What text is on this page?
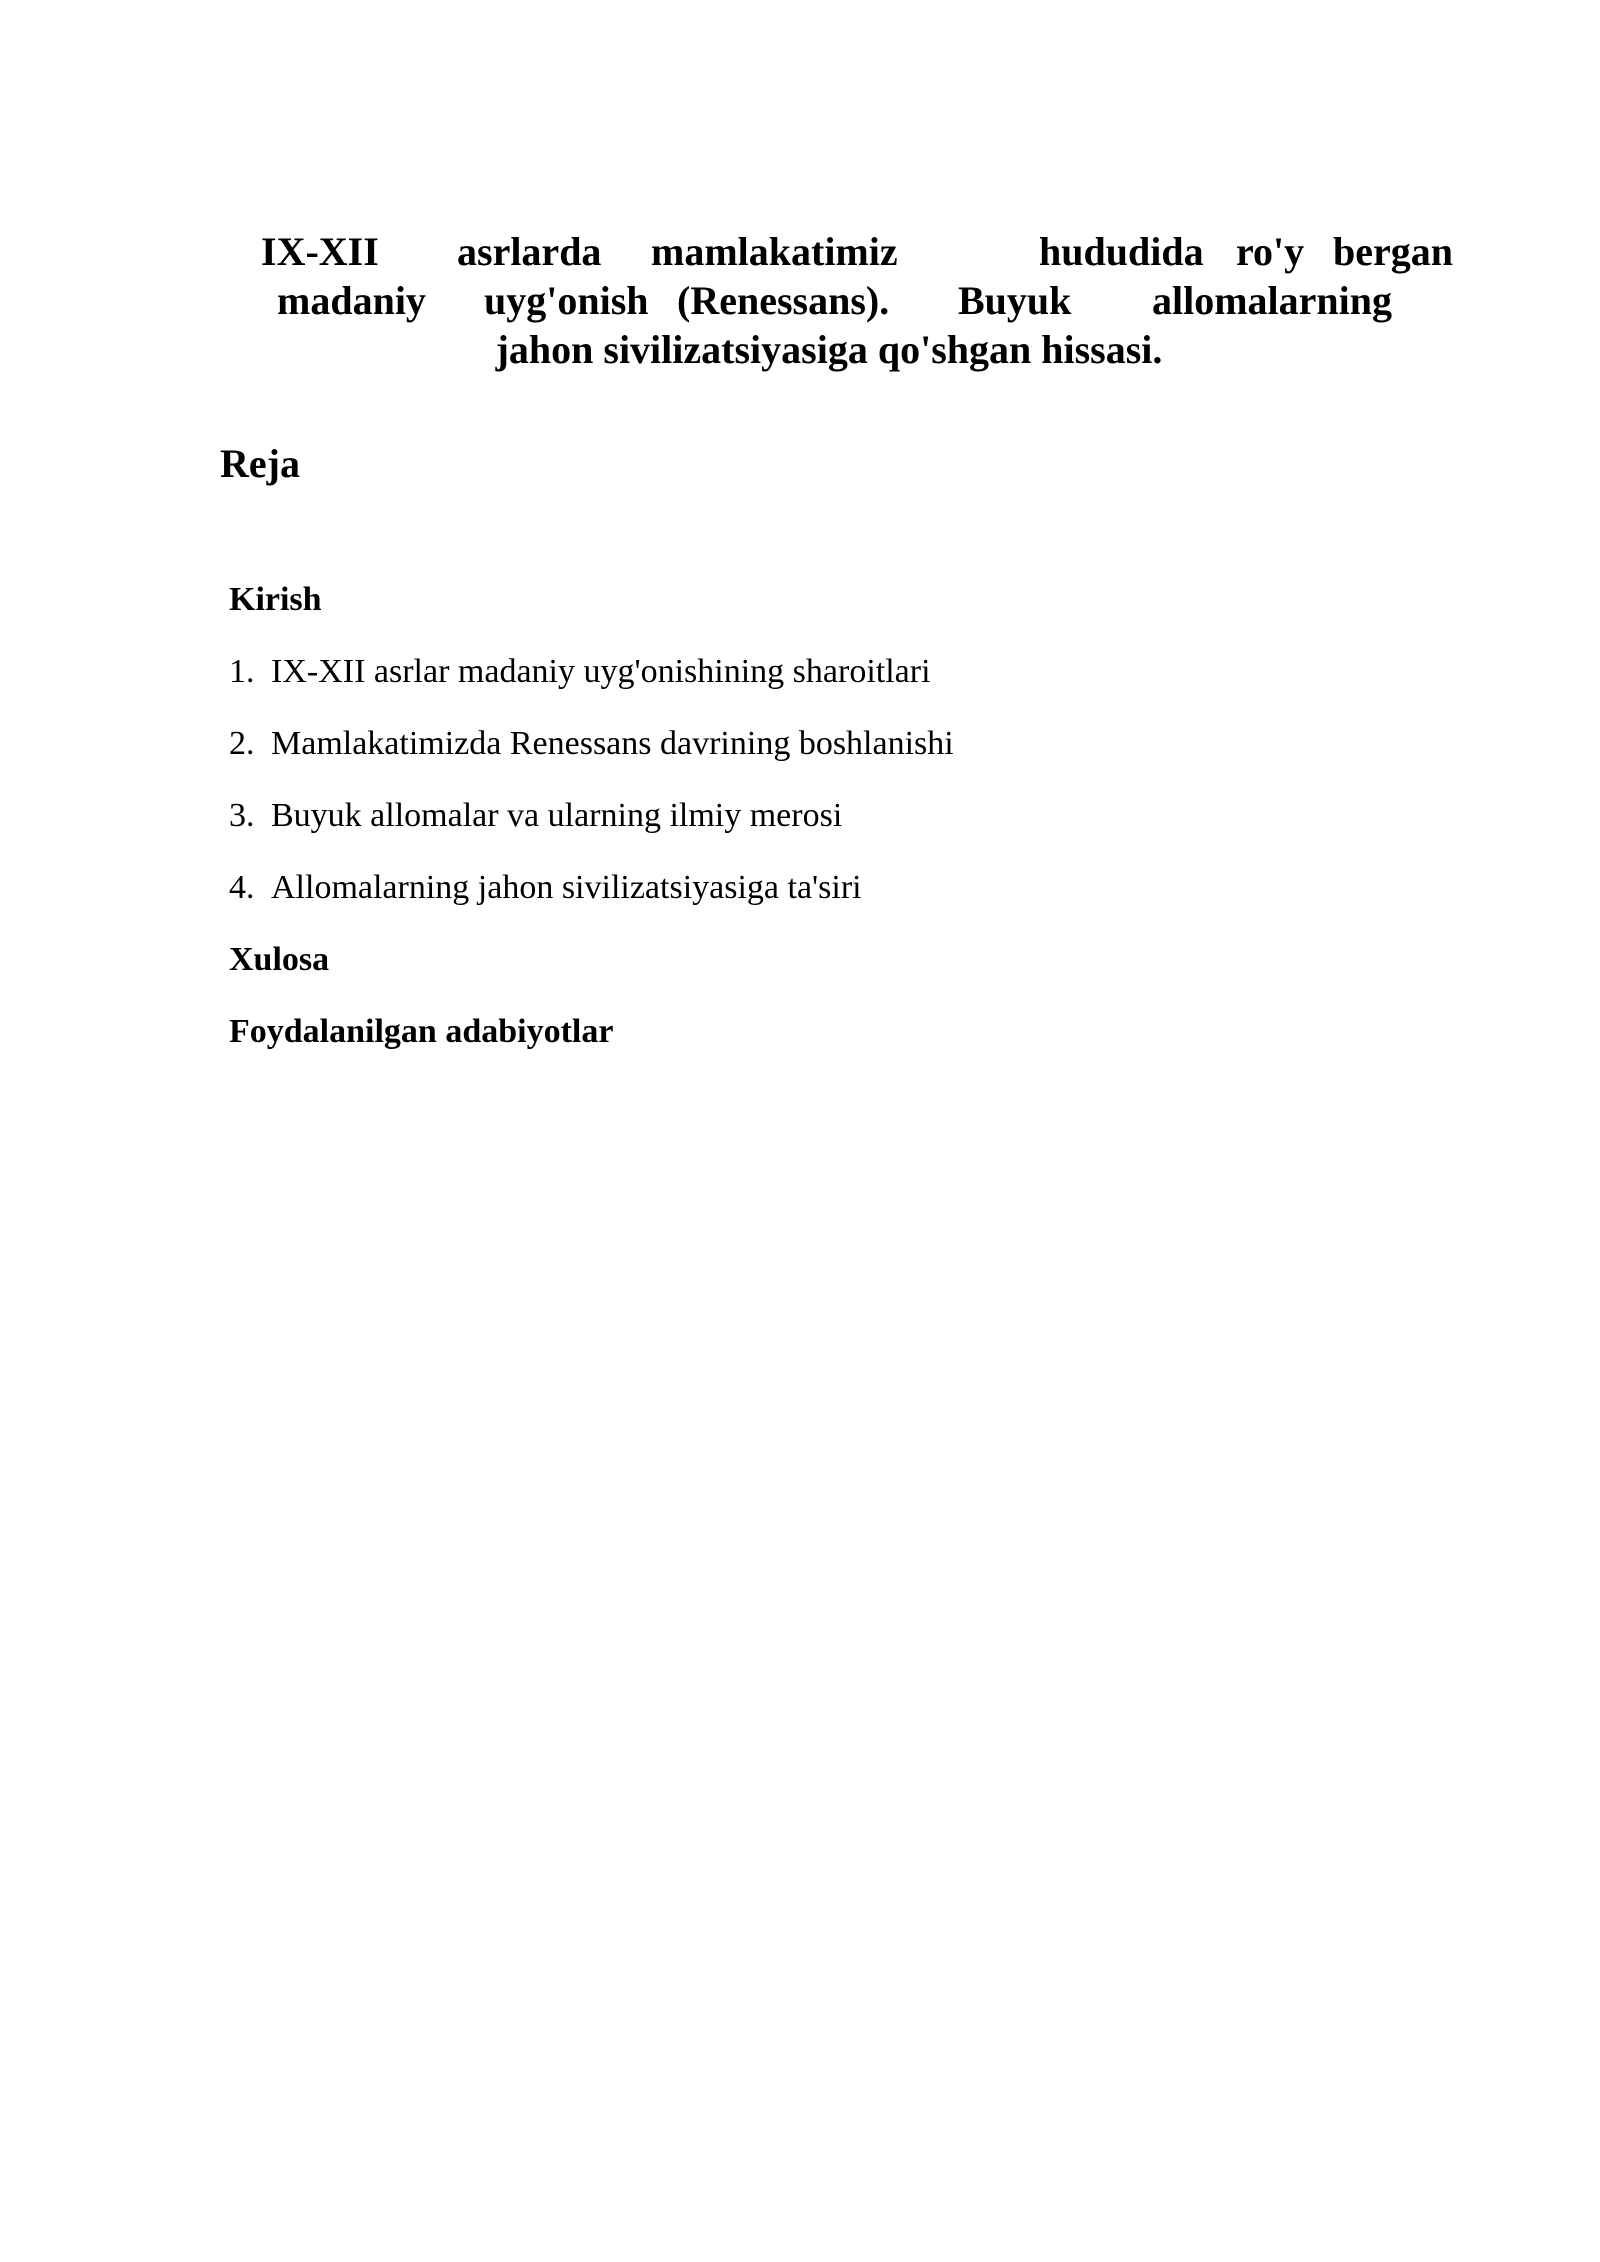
IX-XII asrlarda mamlakatimiz	hududida ro'y bergan
madaniy uyg'onish (Renessans). Buyuk allomalarning
jahon sivilizatsiyasiga qo'shgan hissasi.
Reja
Kirish
1. IX-XII asrlar madaniy uyg'onishining sharoitlari
2. Mamlakatimizda Renessans davrining boshlanishi
3. Buyuk allomalar va ularning ilmiy merosi
4. Allomalarning jahon sivilizatsiyasiga ta'siri
Xulosa
Foydalanilgan adabiyotlar
